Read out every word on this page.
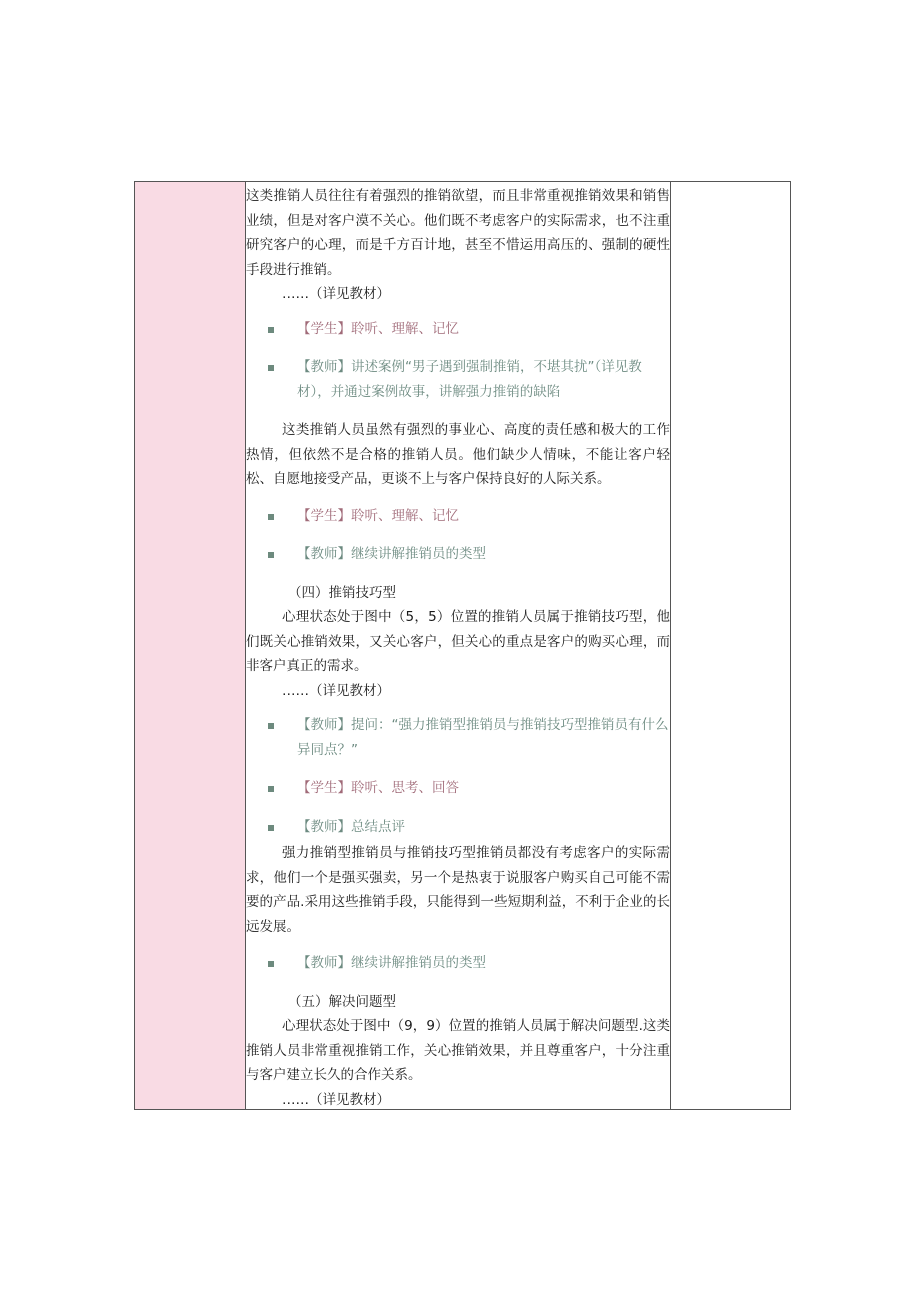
这类推销人员往往有着强烈的推销欲望，而且非常重视推销效果和销售业绩，但是对客户漠不关心。他们既不考虑客户的实际需求，也不注重研究客户的心理，而是千方百计地，甚至不惜运用高压的、强制的硬性手段进行推销。

……（详见教材）

【学生】聆听、理解、记忆
【教师】讲述案例“男子遇到强制推销，不堪其扰”（详见教材），并通过案例故事，讲解强力推销的缺陷

这类推销人员虽然有强烈的事业心、高度的责任感和极大的工作热情，但依然不是合格的推销人员。他们缺少人情味，不能让客户轻松、自愿地接受产品，更谈不上与客户保持良好的人际关系。

【学生】聆听、理解、记忆
【教师】继续讲解推销员的类型

（四）推销技巧型

心理状态处于图中（5，5）位置的推销人员属于推销技巧型，他们既关心推销效果，又关心客户，但关心的重点是客户的购买心理，而非客户真正的需求。

……（详见教材）

【教师】提问：“强力推销型推销员与推销技巧型推销员有什么异同点？”
【学生】聆听、思考、回答
【教师】总结点评

强力推销型推销员与推销技巧型推销员都没有考虑客户的实际需求，他们一个是强买强卖，另一个是热衷于说服客户购买自己可能不需要的产品.采用这些推销手段，只能得到一些短期利益，不利于企业的长远发展。

【教师】继续讲解推销员的类型

（五）解决问题型

心理状态处于图中（9，9）位置的推销人员属于解决问题型.这类推销人员非常重视推销工作，关心推销效果，并且尊重客户，十分注重与客户建立长久的合作关系。

……（详见教材）
